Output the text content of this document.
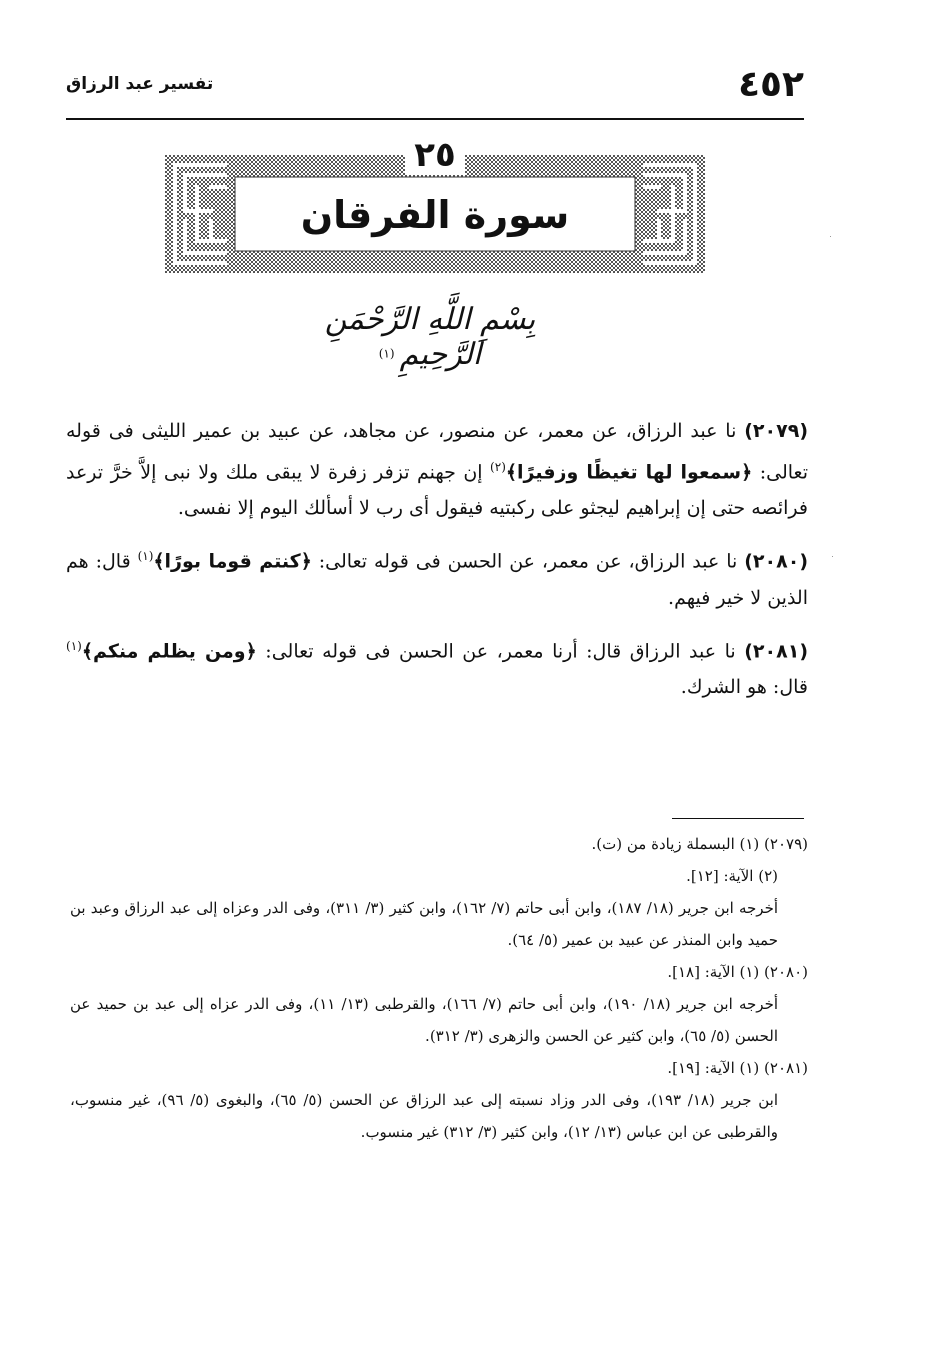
٤٥٢
تفسير عبد الرزاق
٢٥
سورة الفرقان
بِسْمِ اللَّهِ الرَّحْمَنِ الرَّحِيمِ $^{(١)}$

(٢٠٧٩) نا عبد الرزاق، عن معمر، عن منصور، عن مجاهد، عن عبيد بن عمير الليثى فى قوله تعالى: ﴿سمعوا لها تغيظًا وزفيرًا﴾$^{(٢)}$ إن جهنم تزفر زفرة لا يبقى ملك ولا نبى إلاَّ خرَّ ترعد فرائصه حتى إن إبراهيم ليجثو على ركبتيه فيقول أى رب لا أسألك اليوم إلا نفسى.

(٢٠٨٠) نا عبد الرزاق، عن معمر، عن الحسن فى قوله تعالى: ﴿كنتم قوما بورًا﴾$^{(١)}$ قال: هم الذين لا خير فيهم.

(٢٠٨١) نا عبد الرزاق قال: أرنا معمر، عن الحسن فى قوله تعالى: ﴿ومن يظلم منكم﴾$^{(١)}$ قال: هو الشرك.

(٢٠٧٩) (١) البسملة زيادة من (ت).

(٢) الآية: [١٢].

أخرجه ابن جرير (١٨/ ١٨٧)، وابن أبى حاتم (٧/ ١٦٢)، وابن كثير (٣/ ٣١١)، وفى الدر وعزاه إلى عبد الرزاق وعبد بن حميد وابن المنذر عن عبيد بن عمير (٥/ ٦٤).

(٢٠٨٠) (١) الآية: [١٨].

أخرجه ابن جرير (١٨/ ١٩٠)، وابن أبى حاتم (٧/ ١٦٦)، والقرطبى (١٣/ ١١)، وفى الدر عزاه إلى عبد بن حميد عن الحسن (٥/ ٦٥)، وابن كثير عن الحسن والزهرى (٣/ ٣١٢).

(٢٠٨١) (١) الآية: [١٩].

ابن جرير (١٨/ ١٩٣)، وفى الدر وزاد نسبته إلى عبد الرزاق عن الحسن (٥/ ٦٥)، والبغوى (٥/ ٩٦)، غير منسوب، والقرطبى عن ابن عباس (١٣/ ١٢)، وابن كثير (٣/ ٣١٢) غير منسوب.
